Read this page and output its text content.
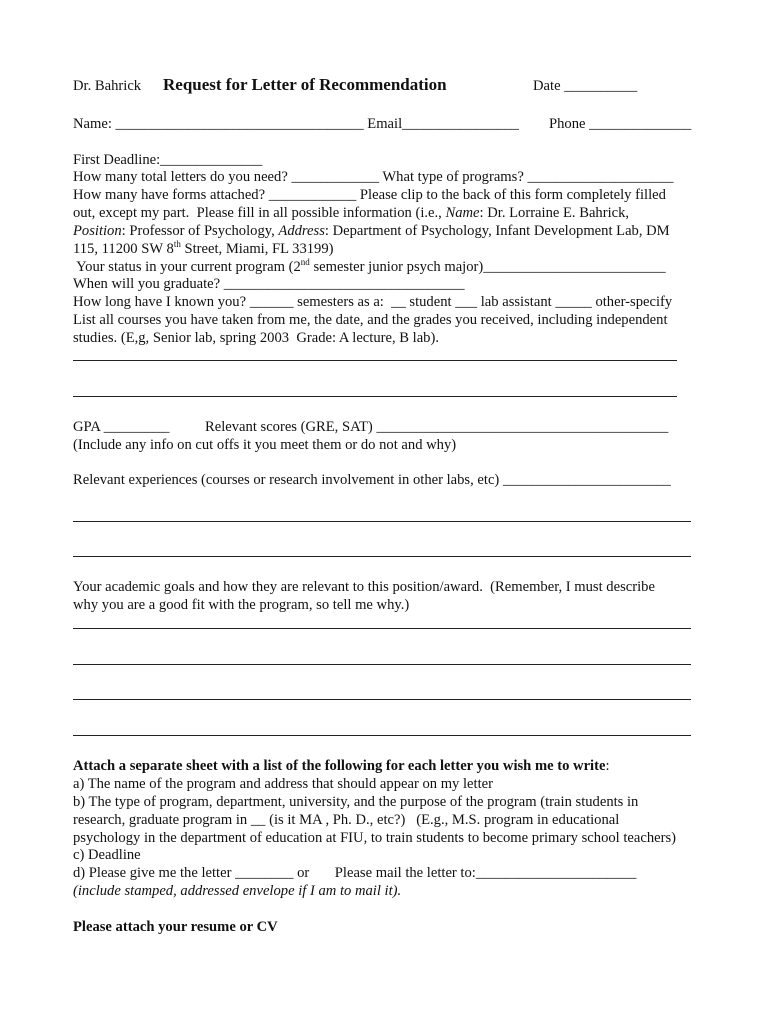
Dr. Bahrick Request for Letter of Recommendation	Date __________
Name: __________________________________ Email________________ Phone ______________
First Deadline:______________
How many total letters do you need? ____________ What type of programs? ____________________
How many have forms attached? ____________ Please clip to the back of this form completely filled
out, except my part.  Please fill in all possible information (i.e., Name: Dr. Lorraine E. Bahrick,
Position: Professor of Psychology, Address: Department of Psychology, Infant Development Lab, DM
115, 11200 SW 8th Street, Miami, FL 33199)
Your status in your current program (2nd semester junior psych major)_________________________
When will you graduate? _________________________________
How long have I known you? ______ semesters as a:  __ student ___ lab assistant _____ other-specify
List all courses you have taken from me, the date, and the grades you received, including independent
studies. (E,g, Senior lab, spring 2003  Grade: A lecture, B lab).
GPA _________ Relevant scores (GRE, SAT) ________________________________________
(Include any info on cut offs it you meet them or do not and why)
Relevant experiences (courses or research involvement in other labs, etc) _______________________
Your academic goals and how they are relevant to this position/award.  (Remember, I must describe
why you are a good fit with the program, so tell me why.)
Attach a separate sheet with a list of the following for each letter you wish me to write:
a) The name of the program and address that should appear on my letter
b) The type of program, department, university, and the purpose of the program (train students in
research, graduate program in __ (is it MA , Ph. D., etc?)   (E.g., M.S. program in educational
psychology in the department of education at FIU, to train students to become primary school teachers)
c) Deadline
d) Please give me the letter ________ or       Please mail the letter to:______________________
(include stamped, addressed envelope if I am to mail it).
Please attach your resume or CV
